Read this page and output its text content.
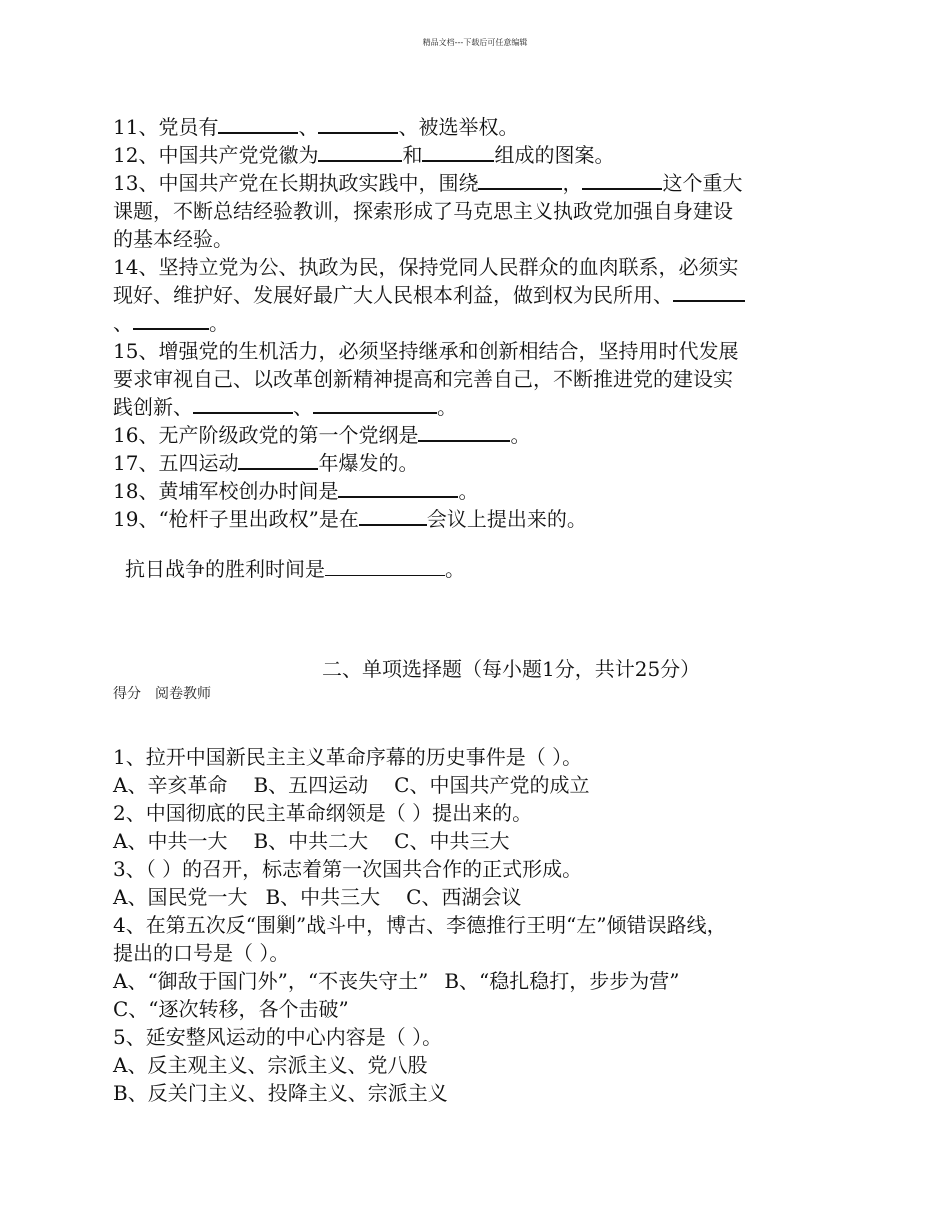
精品文档---下载后可任意编辑
11、党员有	、	、被选举权。
12、中国共产党党徽为	和	组成的图案。
13、中国共产党在长期执政实践中，围绕	，	这个重大
课题，不断总结经验教训，探索形成了马克思主义执政党加强自身建设
的基本经验。
14、坚持立党为公、执政为民，保持党同人民群众的血肉联系，必须实
现好、维护好、发展好最广大人民根本利益，做到权为民所用、
、	。
15、增强党的生机活力，必须坚持继承和创新相结合，坚持用时代发展
要求审视自己、以改革创新精神提高和完善自己，不断推进党的建设实
践创新、	、	。
16、无产阶级政党的第一个党纲是	。
17、五四运动	年爆发的。
18、黄埔军校创办时间是	。
19、“枪杆子里出政权”是在	会议上提出来的。
抗日战争的胜利时间是	。
二、单项选择题（每小题1分，共计25分）
得分 阅卷教师
1、拉开中国新民主主义革命序幕的历史事件是（ ）。
A、辛亥革命 B、五四运动 C、中国共产党的成立
2、中国彻底的民主革命纲领是（ ）提出来的。
A、中共一大 B、中共二大 C、中共三大
3、（ ）的召开，标志着第一次国共合作的正式形成。
A、国民党一大 B、中共三大 C、西湖会议
4、在第五次反“围剿”战斗中，博古、李德推行王明“左”倾错误路线，
提出的口号是（ ）。
A、“御敌于国门外”，“不丧失守土” B、“稳扎稳打，步步为营”
C、“逐次转移，各个击破”
5、延安整风运动的中心内容是（ ）。
A、反主观主义、宗派主义、党八股
B、反关门主义、投降主义、宗派主义
